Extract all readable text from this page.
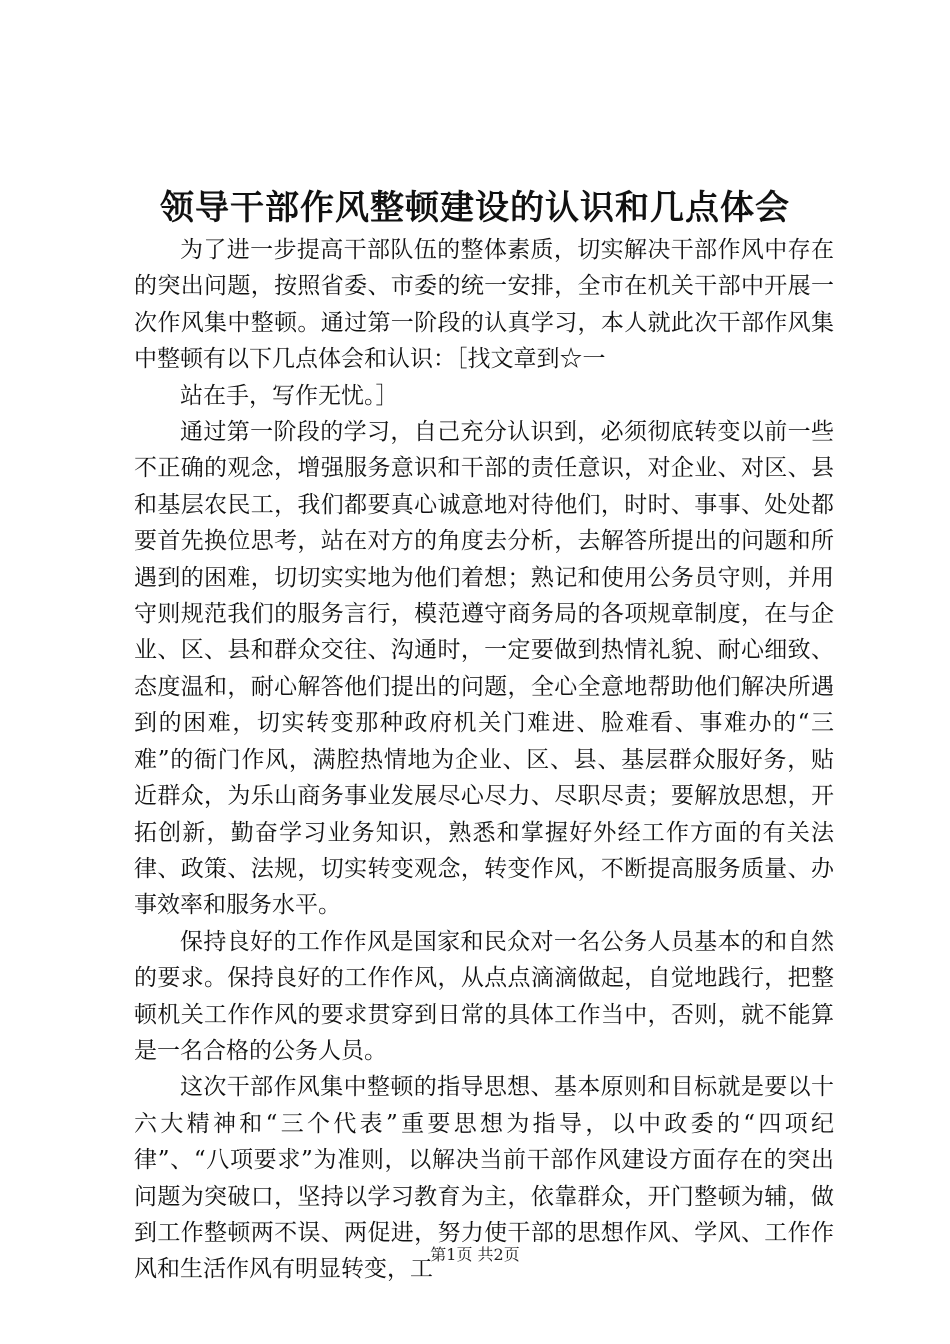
领导干部作风整顿建设的认识和几点体会

为了进一步提高干部队伍的整体素质，切实解决干部作风中存在的突出问题，按照省委、市委的统一安排，全市在机关干部中开展一次作风集中整顿。通过第一阶段的认真学习，本人就此次干部作风集中整顿有以下几点体会和认识：［找文章到☆一

站在手，写作无忧。］

通过第一阶段的学习，自己充分认识到，必须彻底转变以前一些不正确的观念，增强服务意识和干部的责任意识，对企业、对区、县和基层农民工，我们都要真心诚意地对待他们，时时、事事、处处都要首先换位思考，站在对方的角度去分析，去解答所提出的问题和所遇到的困难，切切实实地为他们着想；熟记和使用公务员守则，并用守则规范我们的服务言行，模范遵守商务局的各项规章制度，在与企业、区、县和群众交往、沟通时，一定要做到热情礼貌、耐心细致、态度温和，耐心解答他们提出的问题，全心全意地帮助他们解决所遇到的困难，切实转变那种政府机关门难进、脸难看、事难办的“三难”的衙门作风，满腔热情地为企业、区、县、基层群众服好务，贴近群众，为乐山商务事业发展尽心尽力、尽职尽责；要解放思想，开拓创新，勤奋学习业务知识，熟悉和掌握好外经工作方面的有关法律、政策、法规，切实转变观念，转变作风，不断提高服务质量、办事效率和服务水平。

保持良好的工作作风是国家和民众对一名公务人员基本的和自然的要求。保持良好的工作作风，从点点滴滴做起，自觉地践行，把整顿机关工作作风的要求贯穿到日常的具体工作当中，否则，就不能算是一名合格的公务人员。

这次干部作风集中整顿的指导思想、基本原则和目标就是要以十六大精神和“三个代表”重要思想为指导，以中政委的“四项纪律”、“八项要求”为准则，以解决当前干部作风建设方面存在的突出问题为突破口，坚持以学习教育为主，依靠群众，开门整顿为辅，做到工作整顿两不误、两促进，努力使干部的思想作风、学风、工作作风和生活作风有明显转变，工

第1页 共2页
